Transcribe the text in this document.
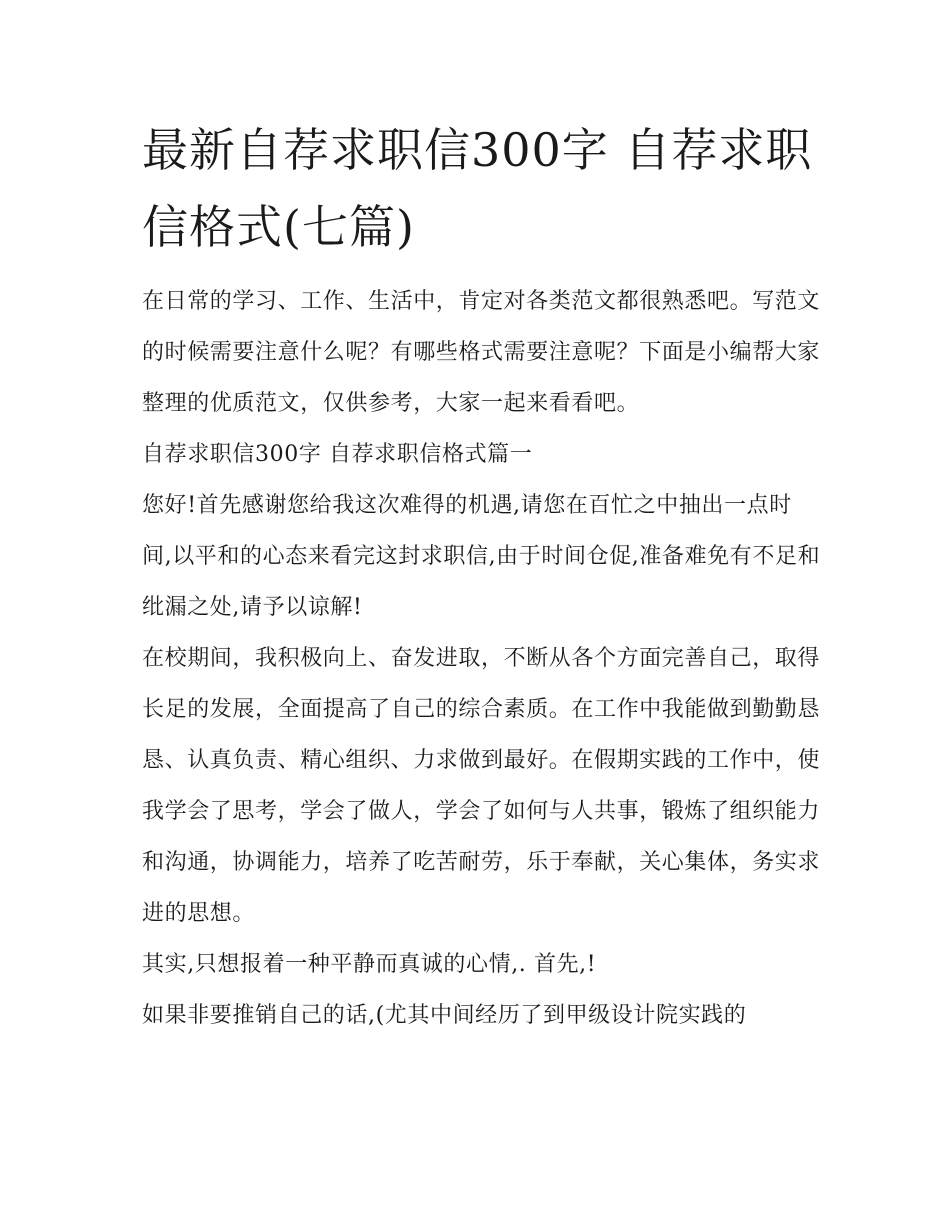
最新自荐求职信300字 自荐求职信格式(七篇)

在日常的学习、工作、生活中，肯定对各类范文都很熟悉吧。写范文的时候需要注意什么呢？有哪些格式需要注意呢？下面是小编帮大家整理的优质范文，仅供参考，大家一起来看看吧。

自荐求职信300字 自荐求职信格式篇一

您好!首先感谢您给我这次难得的机遇,请您在百忙之中抽出一点时间,以平和的心态来看完这封求职信,由于时间仓促,准备难免有不足和纰漏之处,请予以谅解!

在校期间，我积极向上、奋发进取，不断从各个方面完善自己，取得长足的发展，全面提高了自己的综合素质。在工作中我能做到勤勤恳恳、认真负责、精心组织、力求做到最好。在假期实践的工作中，使我学会了思考，学会了做人，学会了如何与人共事，锻炼了组织能力和沟通，协调能力，培养了吃苦耐劳，乐于奉献，关心集体，务实求进的思想。

其实,只想报着一种平静而真诚的心情,. 首先,!

如果非要推销自己的话,(尤其中间经历了到甲级设计院实践的
